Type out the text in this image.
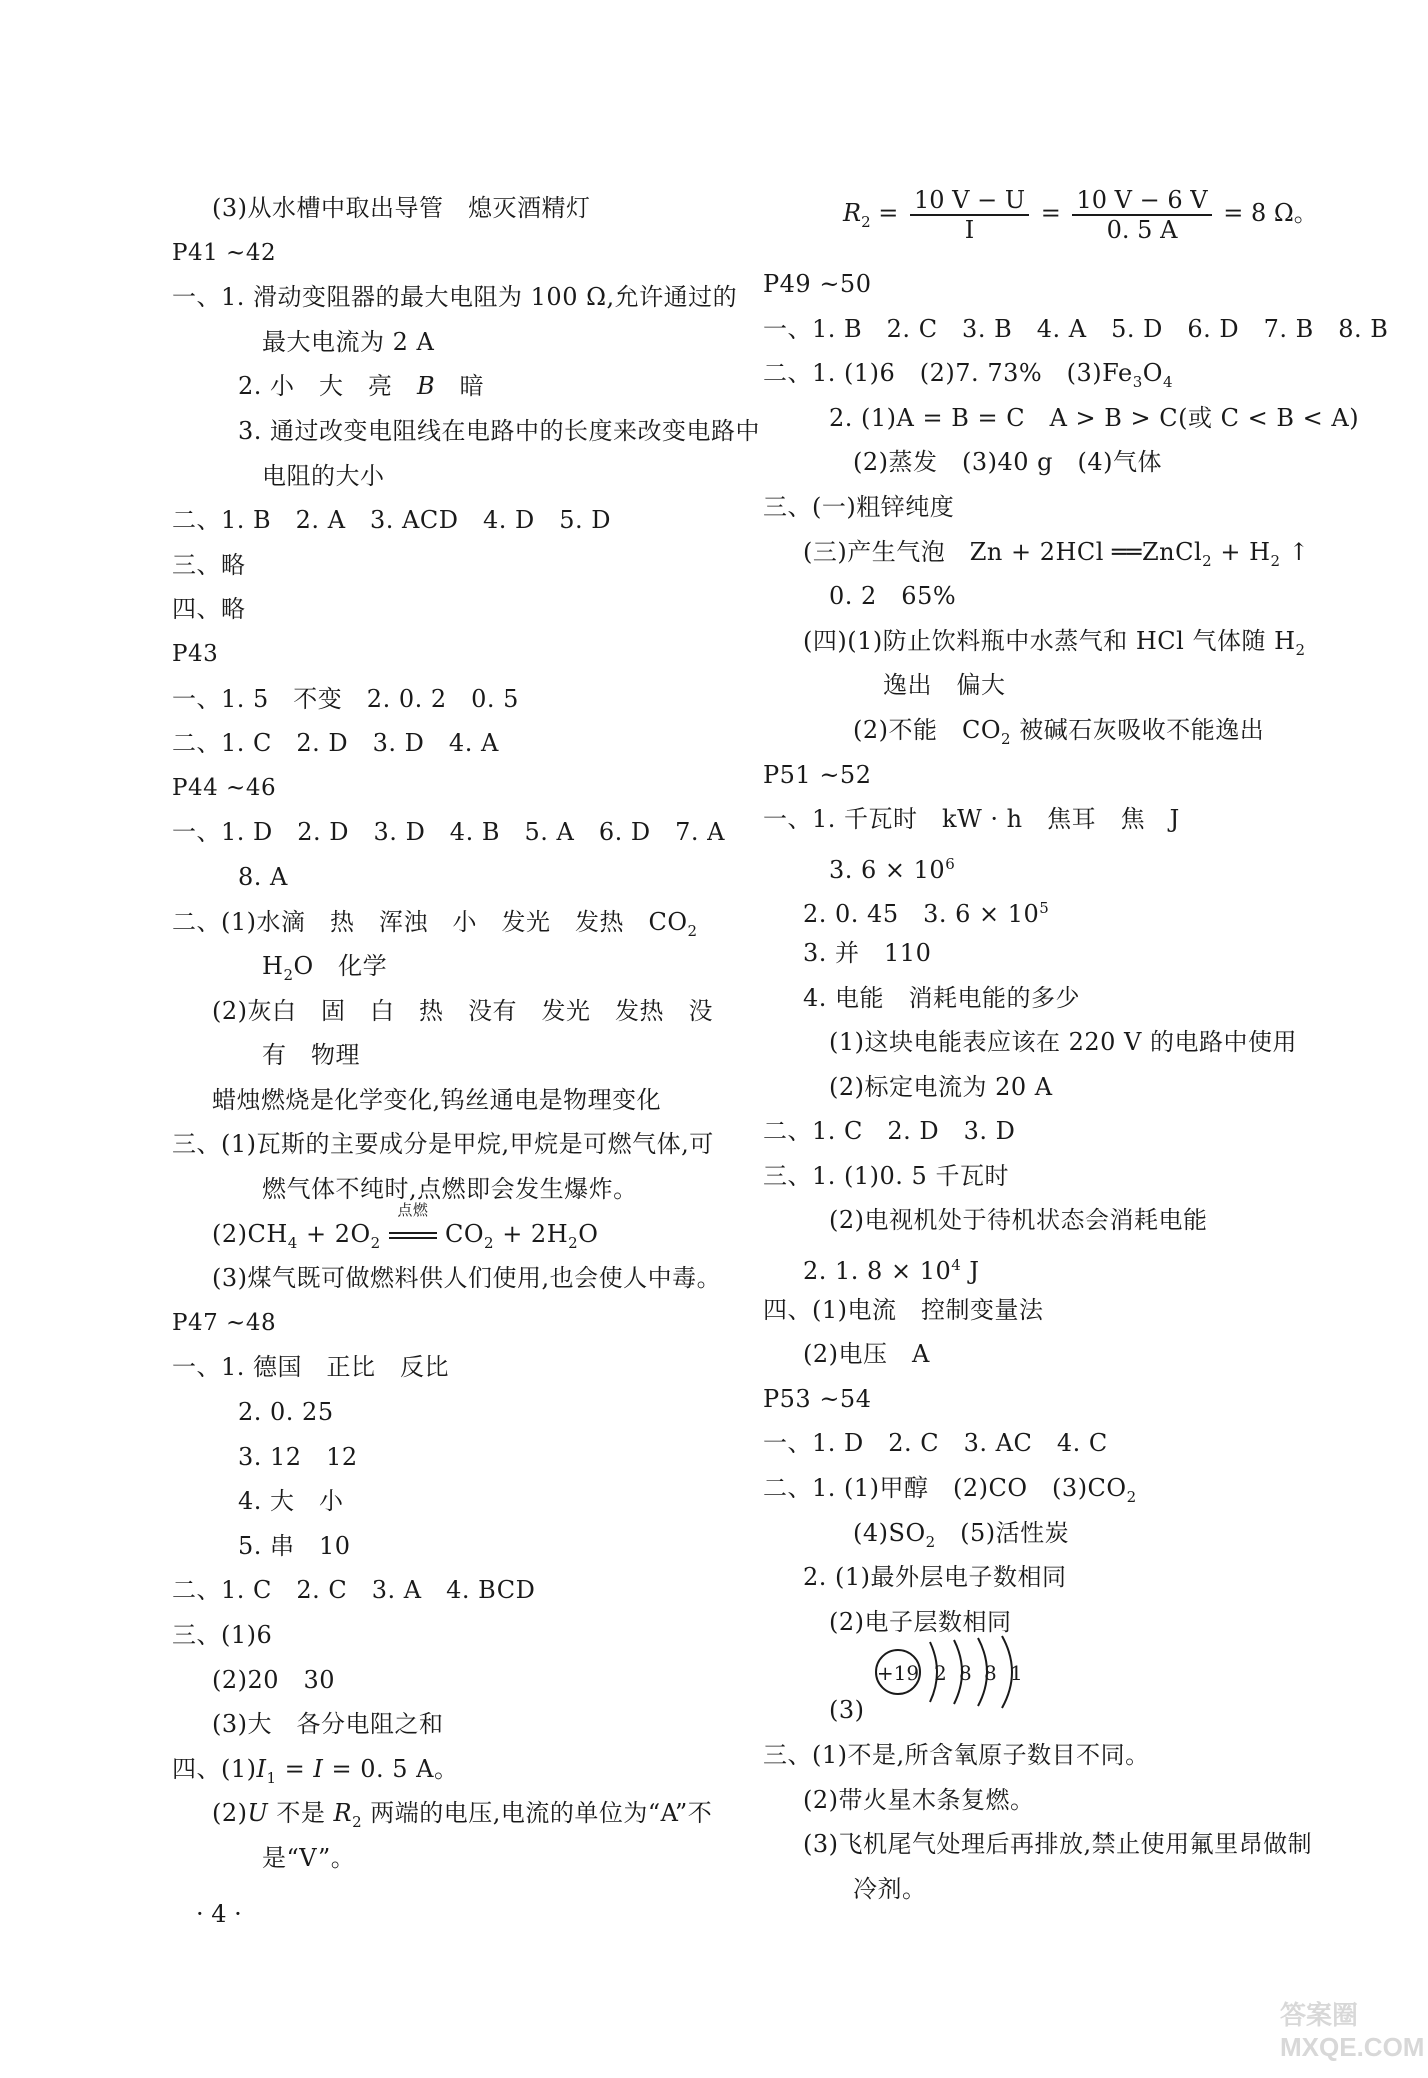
$R_2 = \frac{10 V - U}{I} = \frac{10 V - 6 V}{0. 5 A} = 8$ Ω。
(3)从水槽中取出导管　熄灭酒精灯
P41 ~42
一、1. 滑动变阻器的最大电阻为 100 Ω,允许通过的
最大电流为 2 A
2. 小　大　亮　B　暗
3. 通过改变电阻线在电路中的长度来改变电路中
电阻的大小
二、1. B　2. A　3. ACD　4. D　5. D
三、略
四、略
P43
一、1. 5　不变　2. 0. 2　0. 5
二、1. C　2. D　3. D　4. A
P44 ~46
一、1. D　2. D　3. D　4. B　5. A　6. D　7. A
8. A
二、(1)水滴　热　浑浊　小　发光　发热　$CO_2$
$H_2O$　化学
(2)灰白　固　白　热　没有　发光　发热　没
有　物理
蜡烛燃烧是化学变化,钨丝通电是物理变化
三、(1)瓦斯的主要成分是甲烷,甲烷是可燃气体,可
燃气体不纯时,点燃即会发生爆炸。
$(2)CH_4 + 2O_2$
点燃
$CO_2 + 2H_2O$
(3)煤气既可做燃料供人们使用,也会使人中毒。
P47 ~48
一、1. 德国　正比　反比
2. 0. 25
3. 12　12
4. 大　小
5. 串　10
二、1. C　2. C　3. A　4. BCD
三、(1)6
(2)20　30
(3)大　各分电阻之和
四、$(1)I_1 = I = 0$. 5 A。
(2)U 不是 $R_2$ 两端的电压,电流的单位为“A”不
是“V”。
P49 ~50
一、1. B　2. C　3. B　4. A　5. D　6. D　7. B　8. B
二、1. (1)6　(2)7. 73%　$(3)Fe_3O_4$
2. (1)A = B = C　A > B > C(或 C < B < A)
(2)蒸发　(3)40 g　(4)气体
三、(一)粗锌纯度
(三)产生气泡　Zn + 2HCl ══ZnCl$_2$ + $H_2$ ↑
0. 2　65%
(四)(1)防止饮料瓶中水蒸气和 HCl 气体随 $H_2$
逸出　偏大
(2)不能　$CO_2$ 被碱石灰吸收不能逸出
P51 ~52
一、1. 千瓦时　kW · h　焦耳　焦　J
3. $6 \times 10^6$
2. 0. 45　3. $6 \times 10^5$
3. 并　110
4. 电能　消耗电能的多少
(1)这块电能表应该在 220 V 的电路中使用
(2)标定电流为 20 A
二、1. C　2. D　3. D
三、1. (1)0. 5 千瓦时
(2)电视机处于待机状态会消耗电能
2. 1. $8 \times 10^4$ J
四、(1)电流　控制变量法
(2)电压　A
P53 ~54
一、1. D　2. C　3. AC　4. C
二、1. (1)甲醇　(2)CO　$(3)CO_2$
$(4)SO_2$　(5)活性炭
2. (1)最外层电子数相同
(2)电子层数相同
(3)
三、(1)不是,所含氧原子数目不同。
(2)带火星木条复燃。
(3)飞机尾气处理后再排放,禁止使用氟里昂做制
冷剂。
+19 2 8 8 1
· 4 ·
答案圈 MXQE.COM
